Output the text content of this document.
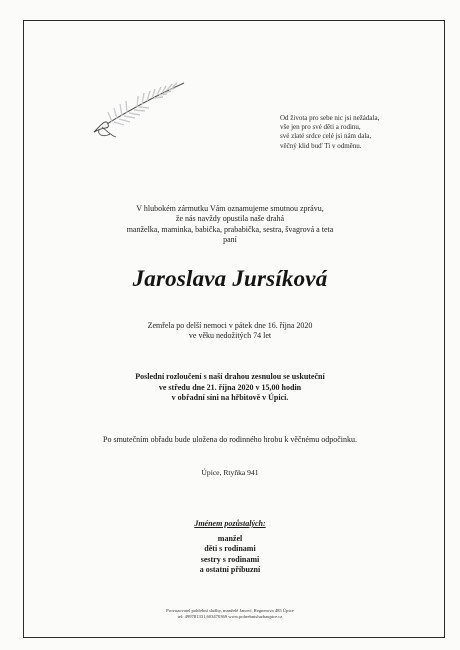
Od života pro sebe nic jsi nežádala,
vše jen pro své děti a rodinu,
své zlaté srdce celé jsi nám dala,
věčný klid buď Ti v odměnu.
V hlubokém zármutku Vám oznamujeme smutnou zprávu,
že nás navždy opustila naše drahá
manželka, maminka, babička, prababička, sestra, švagrová a teta
paní
Jaroslava Jursíková
Zemřela po delší nemoci v pátek dne 16. října 2020
ve věku nedožitých 74 let
Poslední rozloučení s naší drahou zesnulou se uskuteční
ve středu dne 21. října 2020 v 15,00 hodin
v obřadní síni na hřbitově v Úpici.
Po smutečním obřadu bude uložena do rodinného hrobu k věčnému odpočinku.
Úpice, Rtyňka 941
Jménem pozůstalých:
manžel
děti s rodinami
sestry s rodinami
a ostatní příbuzní
Provozovatel pohřební služby, manželé Janoví, Regnerova 485 Úpice
tel: 499781331,603470369 www.pohrebnisluzbaupice.cz
